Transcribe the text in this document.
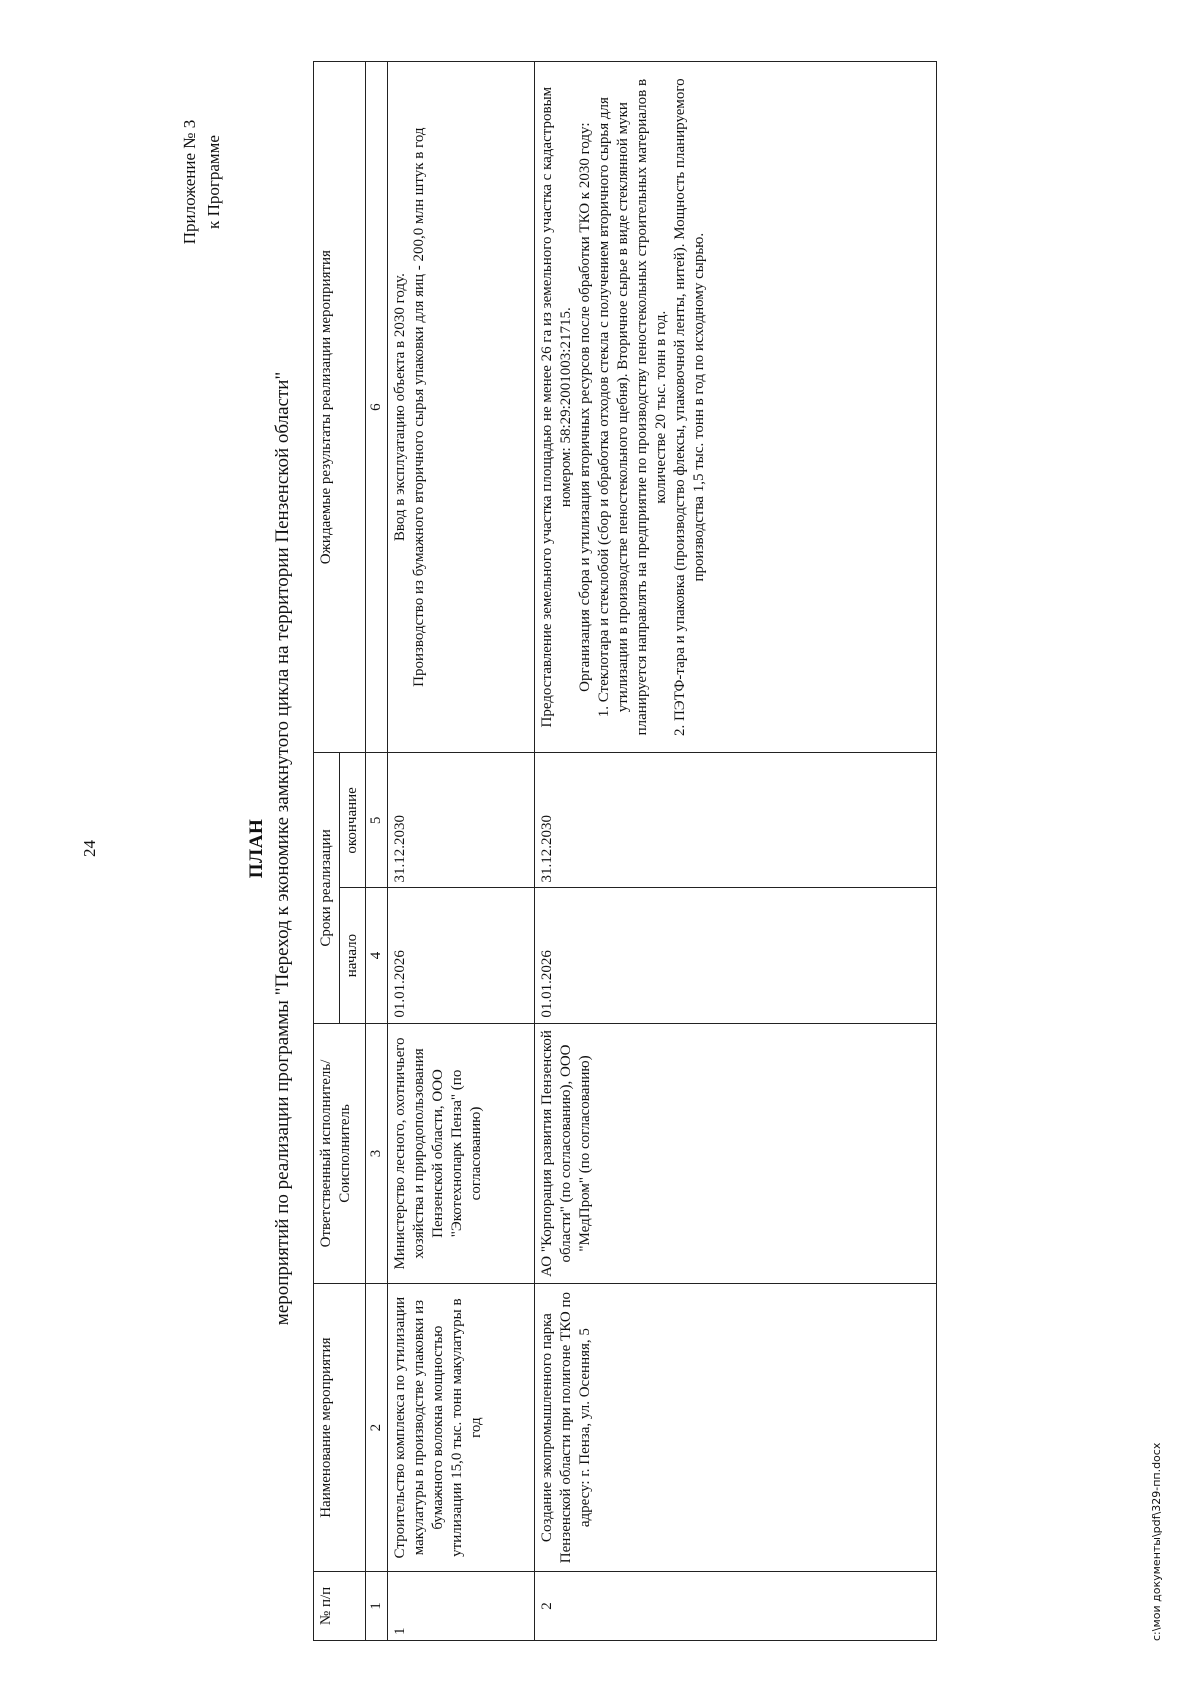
24
Приложение № 3 к Программе
ПЛАН мероприятий по реализации программы "Переход к экономике замкнутого цикла на территории Пензенской области"
№ п/п	Наименование мероприятия	Ответственный исполнитель/ Соисполнитель	Сроки реализации		Ожидаемые результаты реализации мероприятия
			начало	окончание	
1	2	3	4	5	6
1	Строительство комплекса по утилизации макулатуры в производстве упаковки из бумажного волокна мощностью утилизации 15,0 тыс. тонн макулатуры в год	Министерство лесного, охотничьего хозяйства и природопользования Пензенской области, ООО "Экотехнопарк Пенза" (по согласованию)	01.01.2026	31.12.2030	Ввод в эксплуатацию объекта в 2030 году. Производство из бумажного вторичного сырья упаковки для яиц - 200,0 млн штук в год

2	Создание экопромышленного парка Пензенской области при полигоне ТКО по адресу: г. Пенза, ул. Осенняя, 5	АО "Корпорация развития Пензенской области" (по согласованию), ООО "МедПром" (по согласованию)	01.01.2026	31.12.2030	Предоставление земельного участка площадью не менее 26 га из земельного участка с кадастровым номером: 58:29:2001003:21715. Организация сбора и утилизация вторичных ресурсов после обработки ТКО к 2030 году: 1. Стеклотара и стеклобой (сбор и обработка отходов стекла с получением вторичного сырья для утилизации в производстве пеностекольного щебня). Вторичное сырье в виде стеклянной муки планируется направлять на предприятие по производству пеностекольных строительных материалов в количестве 20 тыс. тонн в год. 2. ПЭТФ-тара и упаковка (производство флексы, упаковочной ленты, нитей). Мощность планируемого производства 1,5 тыс. тонн в год по исходному сырью.
c:\мои документы\pdf\329-пп.docx
